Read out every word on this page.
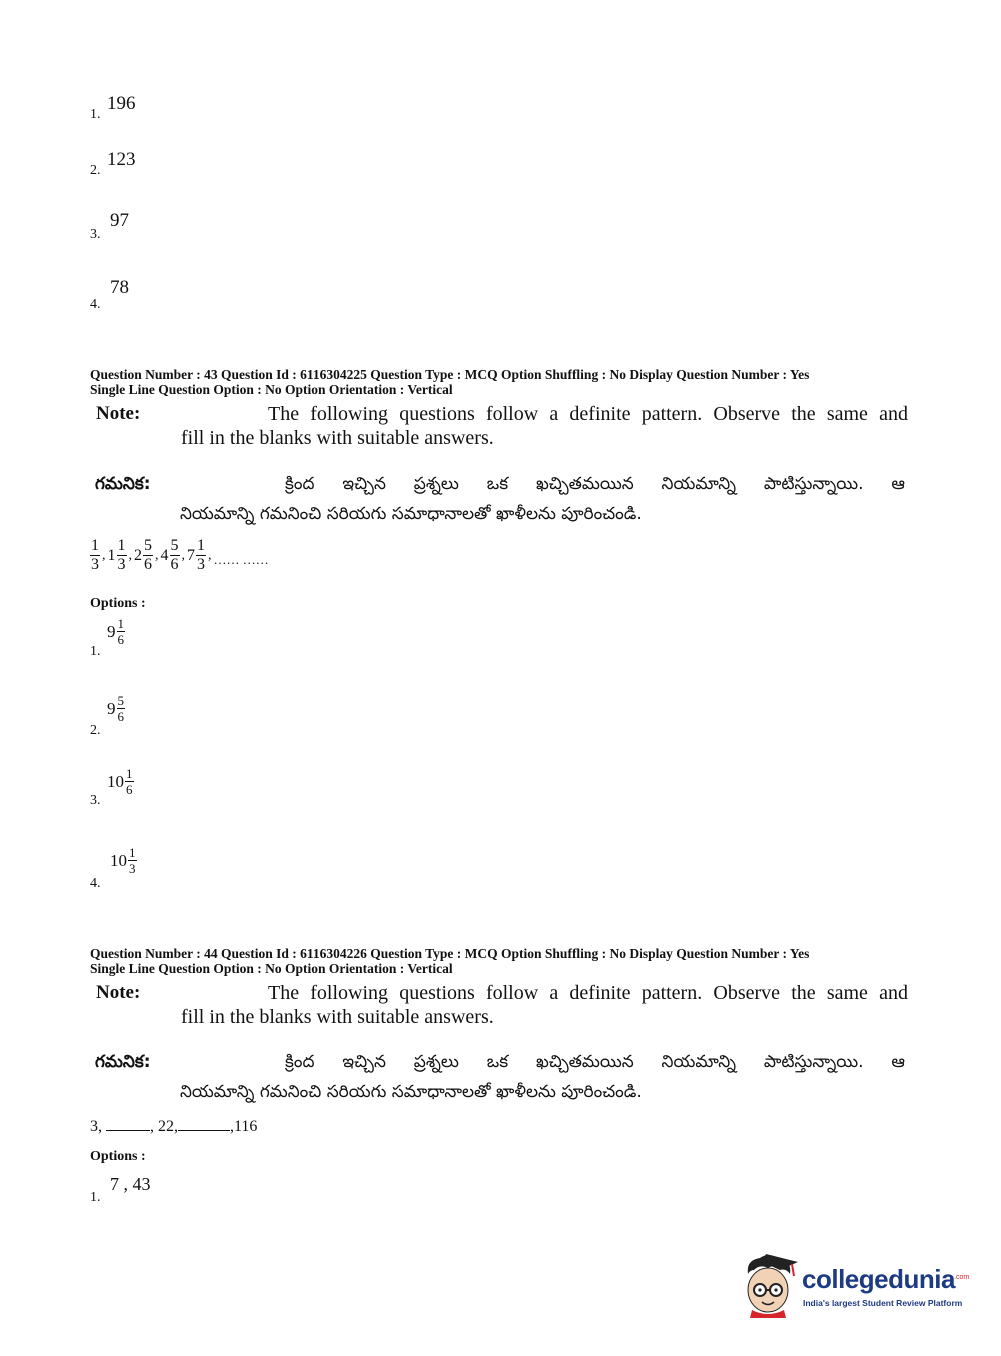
1.
196
2.
123
3.
97
4.
78
Question Number : 43 Question Id : 6116304225 Question Type : MCQ Option Shuffling : No Display Question Number : Yes
Single Line Question Option : No Option Orientation : Vertical
Note:	The following questions follow a definite pattern. Observe the same and
fill in the blanks with suitable answers.
గమనిక:	క్రింద ఇచ్చిన ప్రశ్నలు ఒక ఖచ్చితమయిన నియమాన్ని పాటిస్తున్నాయి. ఆ
నియమాన్ని గమనించి సరియగు సమాధానాలతో ఖాళీలను పూరించండి.
$\frac{1}{3}$ , $1 \frac{1}{3}$ , $2 \frac{5}{6}$ , $4 \frac{5}{6}$ , $7 \frac{1}{3}$ , …… ……
Options :
1.
$9 \frac{1}{6}$
2.
$9 \frac{5}{6}$
3.
$10 \frac{1}{6}$
4.
$10 \frac{1}{3}$
Question Number : 44 Question Id : 6116304226 Question Type : MCQ Option Shuffling : No Display Question Number : Yes
Single Line Question Option : No Option Orientation : Vertical
Note:	The following questions follow a definite pattern. Observe the same and
fill in the blanks with suitable answers.
గమనిక:	క్రింద ఇచ్చిన ప్రశ్నలు ఒక ఖచ్చితమయిన నియమాన్ని పాటిస్తున్నాయి. ఆ
నియమాన్ని గమనించి సరియగు సమాధానాలతో ఖాళీలను పూరించండి.
3,	, 22,	,116
Options :
1.
7 , 43
collegedunia .com
India's largest Student Review Platform
